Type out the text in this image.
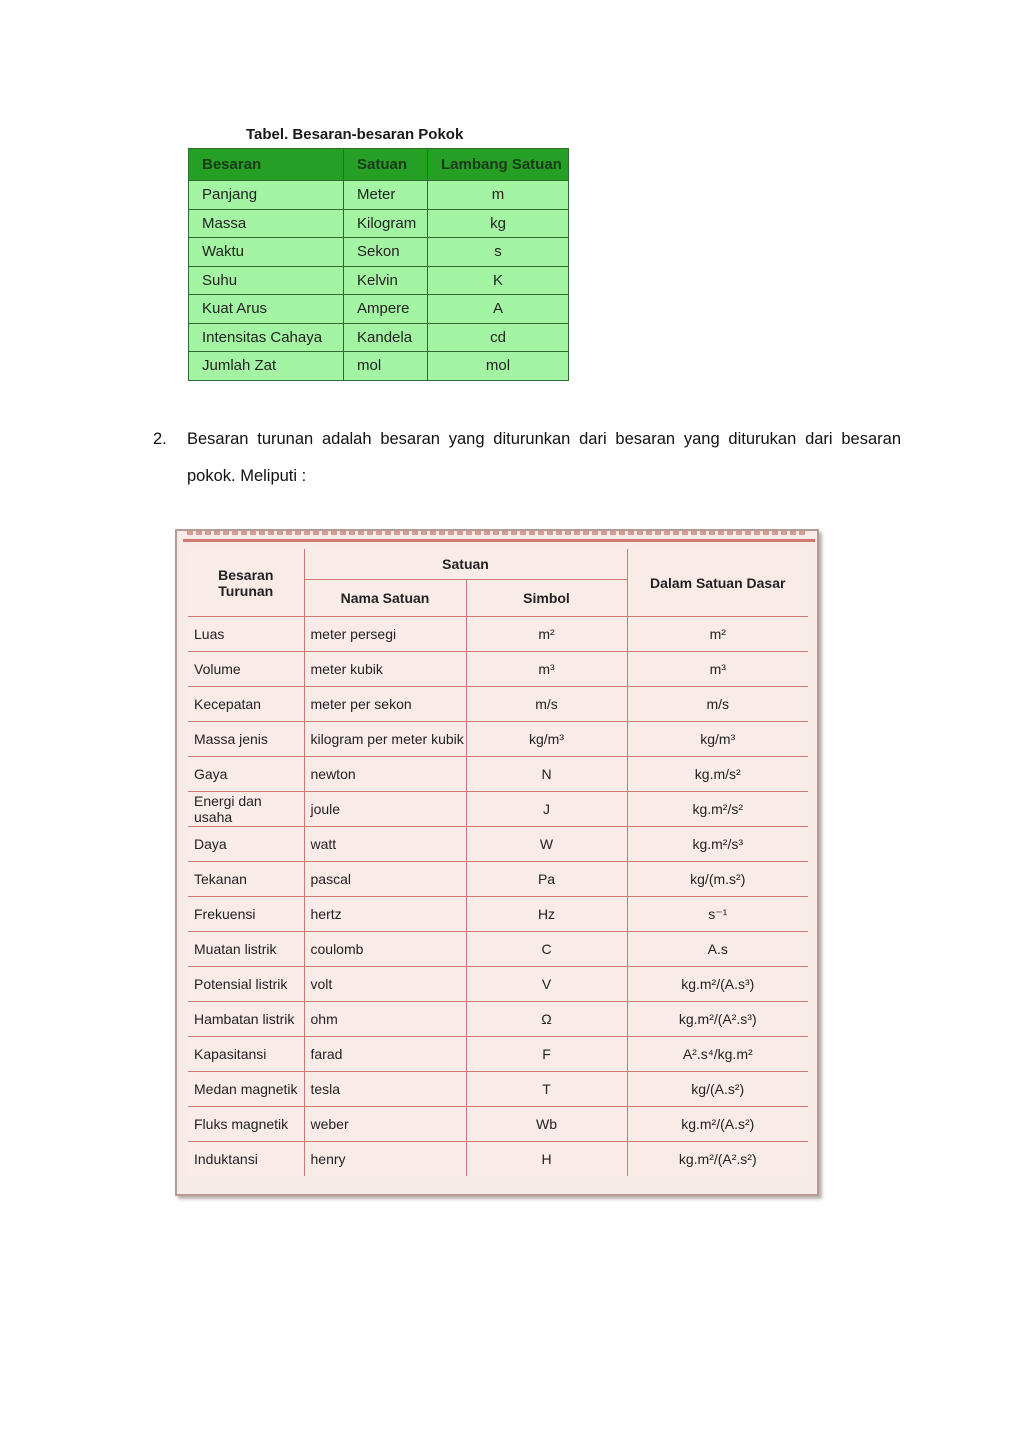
Tabel. Besaran-besaran Pokok
Besaran	Satuan	Lambang Satuan
Panjang	Meter	m
Massa	Kilogram	kg
Waktu	Sekon	s
Suhu	Kelvin	K
Kuat Arus	Ampere	A
Intensitas Cahaya	Kandela	cd
Jumlah Zat	mol	mol
2. Besaran turunan adalah besaran yang diturunkan dari besaran yang diturukan dari besaran pokok. Meliputi :
Besaran Turunan	Satuan		Dalam Satuan Dasar
	Nama Satuan	Simbol	
Luas	meter persegi	m²	m²
Volume	meter kubik	m³	m³
Kecepatan	meter per sekon	m/s	m/s
Massa jenis	kilogram per meter kubik	kg/m³	kg/m³
Gaya	newton	N	kg.m/s²
Energi dan usaha	joule	J	kg.m²/s²
Daya	watt	W	kg.m²/s³
Tekanan	pascal	Pa	kg/(m.s²)
Frekuensi	hertz	Hz	s⁻¹
Muatan listrik	coulomb	C	A.s
Potensial listrik	volt	V	kg.m²/(A.s³)
Hambatan listrik	ohm	Ω	kg.m²/(A².s³)
Kapasitansi	farad	F	A².s⁴/kg.m²
Medan magnetik	tesla	T	kg/(A.s²)
Fluks magnetik	weber	Wb	kg.m²/(A.s²)
Induktansi	henry	H	kg.m²/(A².s²)
